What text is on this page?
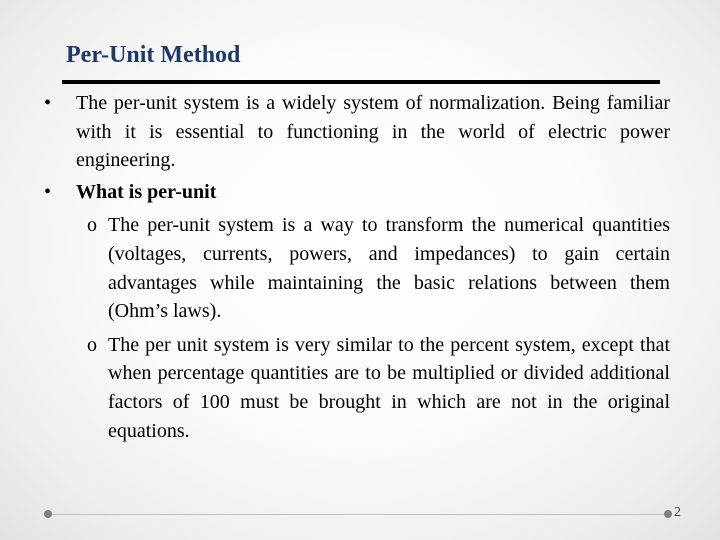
Per-Unit Method
• The per-unit system is a widely system of normalization. Being familiar with it is essential to functioning in the world of electric power engineering.
• What is per-unit
o The per-unit system is a way to transform the numerical quantities (voltages, currents, powers, and impedances) to gain certain advantages while maintaining the basic relations between them (Ohm’s laws).
o The per unit system is very similar to the percent system, except that when percentage quantities are to be multiplied or divided additional factors of 100 must be brought in which are not in the original equations.
2
